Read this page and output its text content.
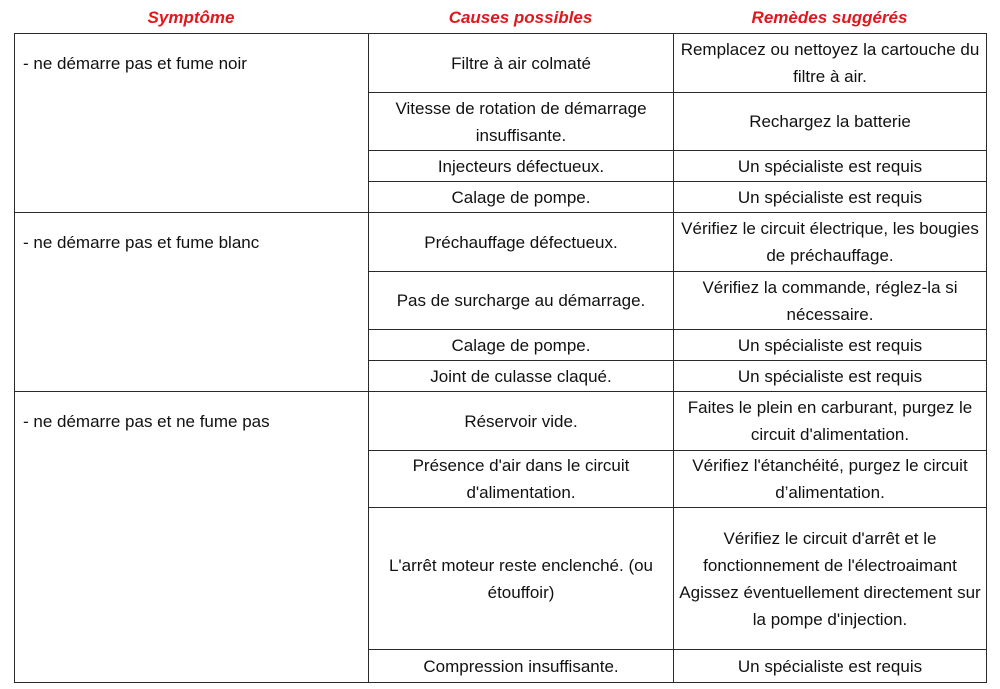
Symptôme	Causes possibles	Remèdes suggérés
- ne démarre pas et fume noir	Filtre à air colmaté	Remplacez ou nettoyez la cartouche du filtre à air.
	Vitesse de rotation de démarrage insuffisante.	Rechargez la batterie
	Injecteurs défectueux.	Un spécialiste est requis
	Calage de pompe.	Un spécialiste est requis
- ne démarre pas et fume blanc	Préchauffage défectueux.	Vérifiez le circuit électrique, les bougies de préchauffage.
	Pas de surcharge au démarrage.	Vérifiez la commande, réglez-la si nécessaire.
	Calage de pompe.	Un spécialiste est requis
	Joint de culasse claqué.	Un spécialiste est requis
- ne démarre pas et ne fume pas	Réservoir vide.	Faites le plein en carburant, purgez le circuit d'alimentation.
	Présence d'air dans le circuit d'alimentation.	Vérifiez l'étanchéité, purgez le circuit d’alimentation.
	L'arrêt moteur reste enclenché. (ou étouffoir)	Vérifiez le circuit d'arrêt et le fonctionnement de l'électroaimant Agissez éventuellement directement sur la pompe d'injection.
	Compression insuffisante.	Un spécialiste est requis
